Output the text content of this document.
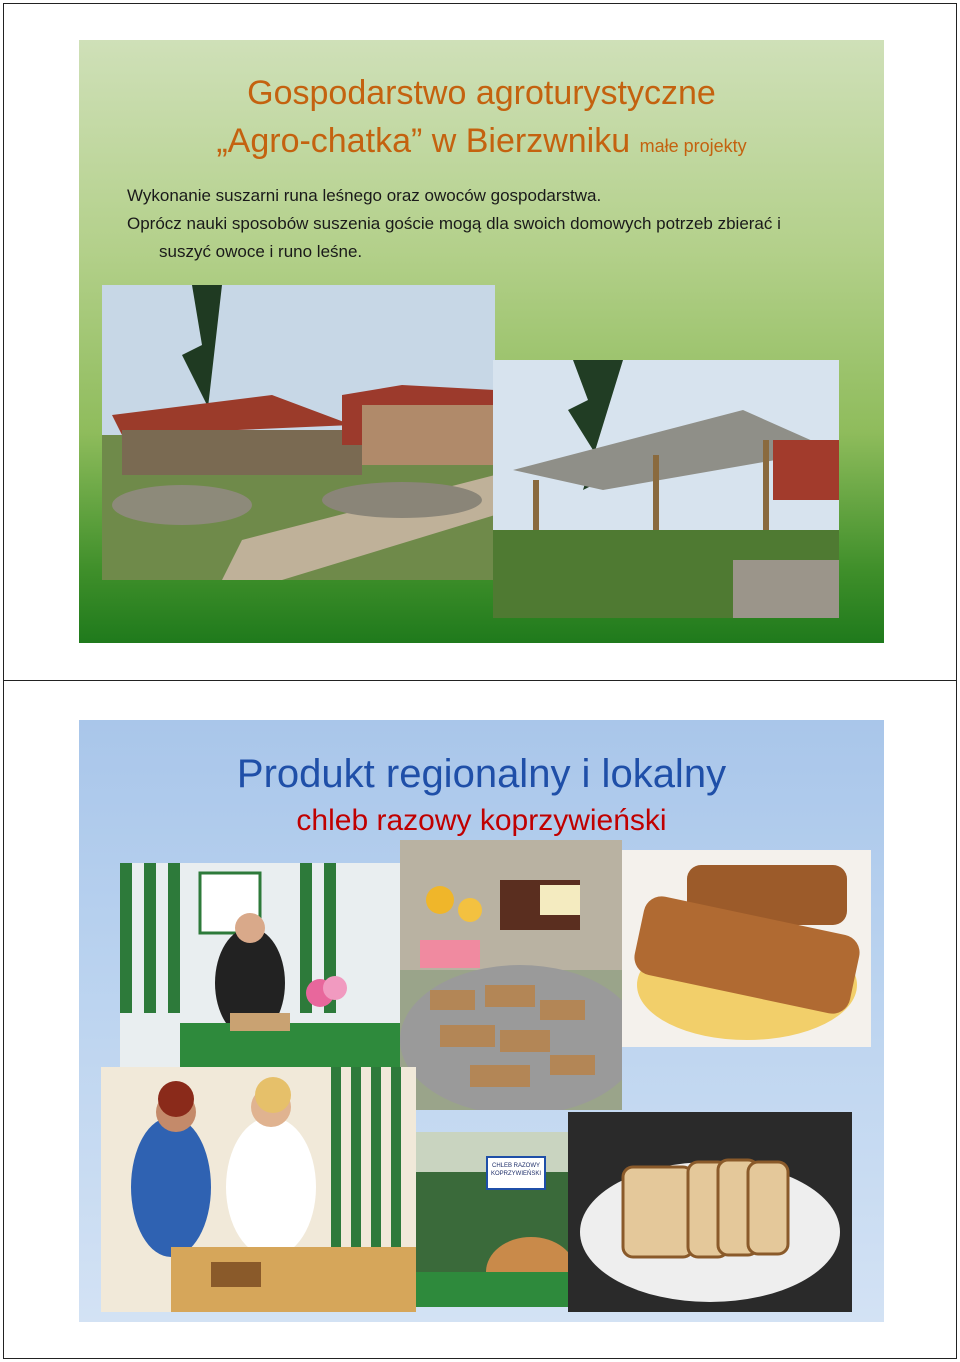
Gospodarstwo agroturystyczne
„Agro-chatka” w Bierzwniku małe projekty
Wykonanie suszarni runa leśnego oraz owoców gospodarstwa.
Oprócz nauki sposobów suszenia goście mogą dla swoich domowych potrzeb zbierać i
suszyć owoce i runo leśne.
Produkt regionalny i lokalny
chleb razowy koprzywieński
CHLEB RAZOWY KOPRZYWIEŃSKI
